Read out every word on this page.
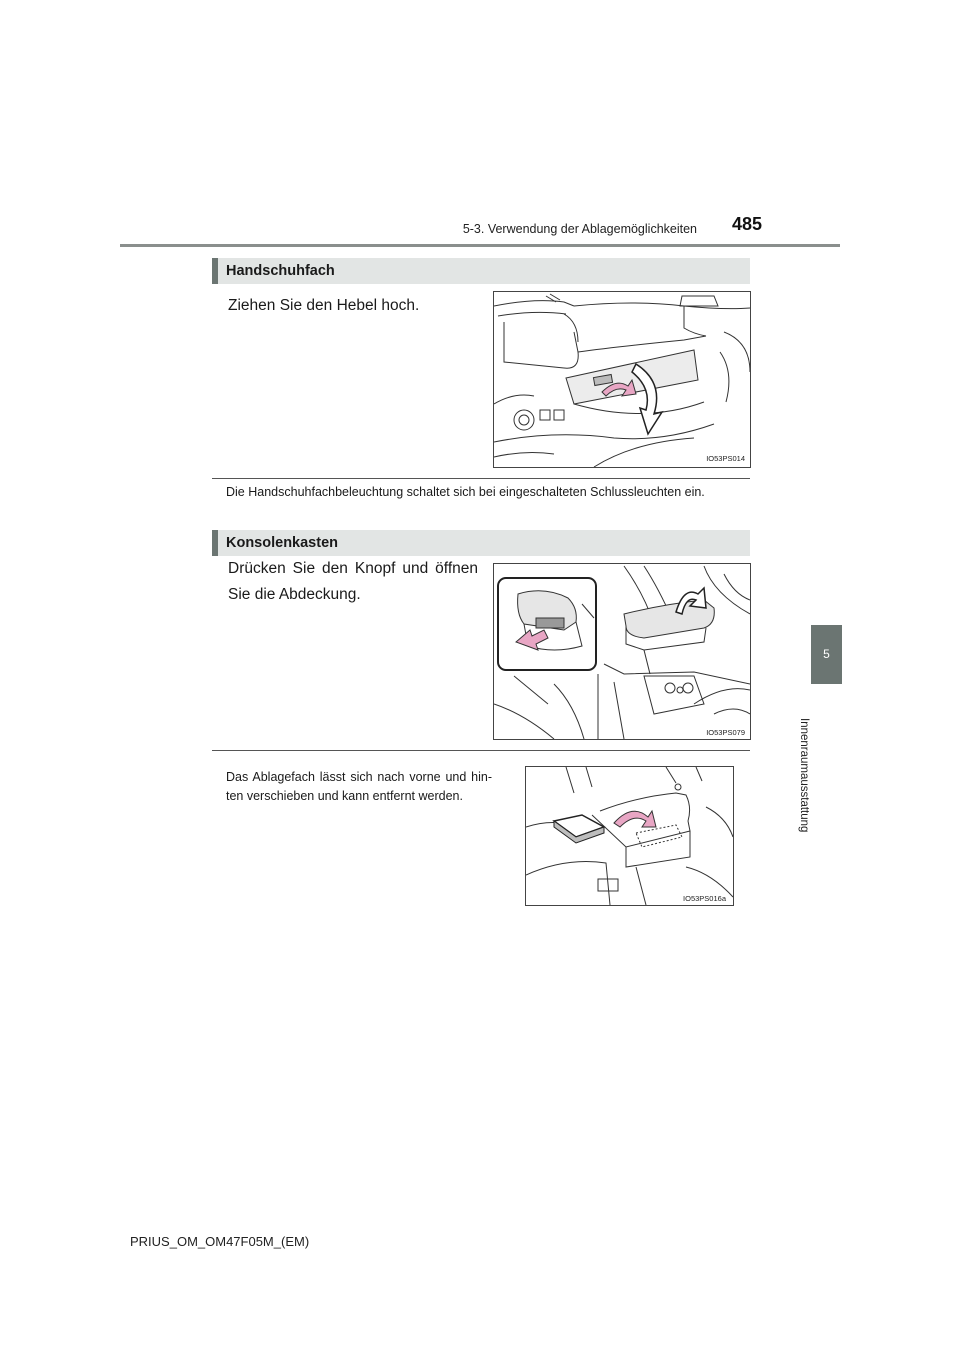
5-3. Verwendung der Ablagemöglichkeiten 485
5
Innenraumausstattung
Handschuhfach
Ziehen Sie den Hebel hoch.
IO53PS014
Die Handschuhfachbeleuchtung schaltet sich bei eingeschalteten Schlussleuchten ein.
Konsolenkasten
Drücken Sie den Knopf und öffnen Sie die Abdeckung.
IO53PS079
Das Ablagefach lässt sich nach vorne und hin- ten verschieben und kann entfernt werden.
IO53PS016a
PRIUS_OM_OM47F05M_(EM)
